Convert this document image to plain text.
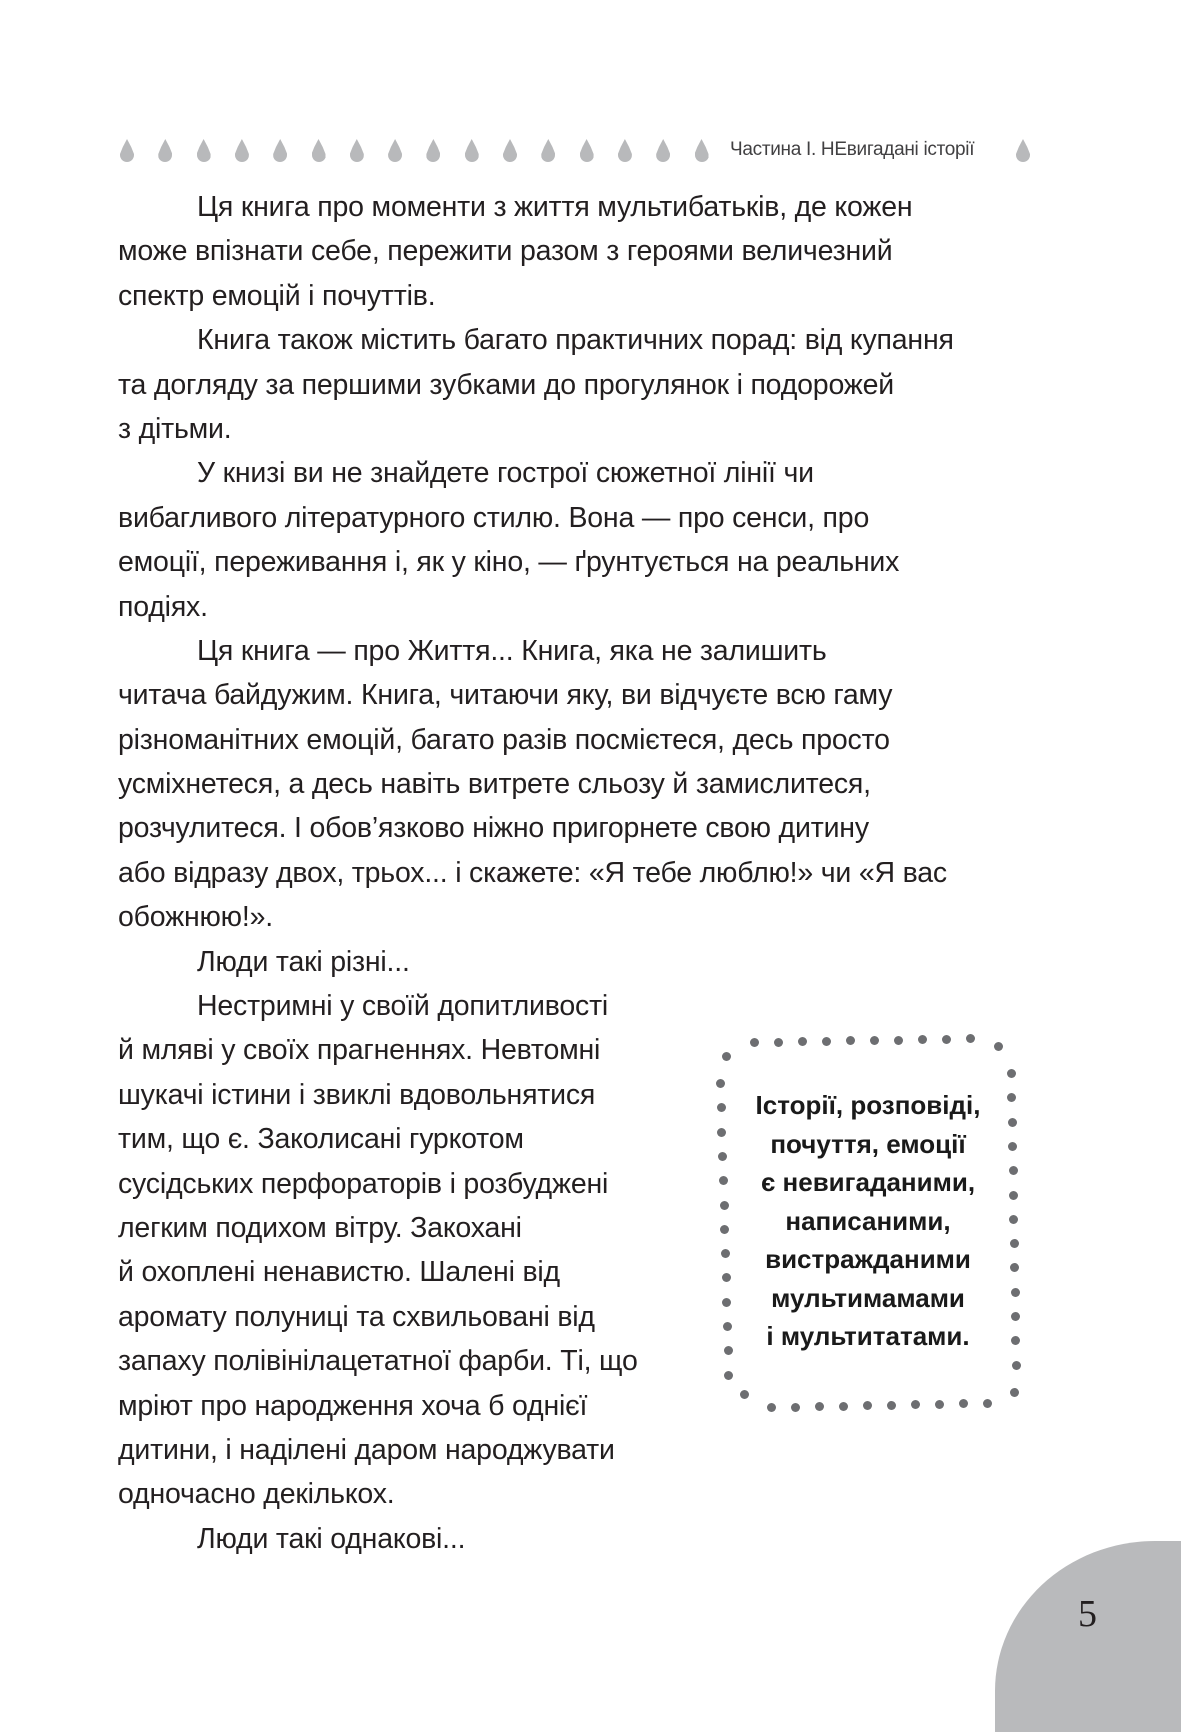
Частина І. НЕвигадані історії
Ця книга про моменти з життя мультибатьків, де кожен
може впізнати себе, пережити разом з героями величезний
спектр емоцій і почуттів.
Книга також містить багато практичних порад: від купання
та догляду за першими зубками до прогулянок і подорожей
з дітьми.
У книзі ви не знайдете гострої сюжетної лінії чи
вибагливого літературного стилю. Вона — про сенси, про
емоції, переживання і, як у кіно, — ґрунтується на реальних
подіях.
Ця книга — про Життя... Книга, яка не залишить
читача байдужим. Книга, читаючи яку, ви відчуєте всю гаму
різноманітних емоцій, багато разів посмієтеся, десь просто
усміхнетеся, а десь навіть витрете сльозу й замислитеся,
розчулитеся. І обов’язково ніжно пригорнете свою дитину
або відразу двох, трьох... і скажете: «Я тебе люблю!» чи «Я вас
обожнюю!».
Люди такі різні...
Нестримні у своїй допитливості
й мляві у своїх прагненнях. Невтомні
шукачі істини і звиклі вдовольнятися
тим, що є. Заколисані гуркотом
сусідських перфораторів і розбуджені
легким подихом вітру. Закохані
й охоплені ненавистю. Шалені від
аромату полуниці та схвильовані від
запаху полівінілацетатної фарби. Ті, що
мріют про народження хоча б однієї
дитини, і наділені даром народжувати
одночасно декількох.
Люди такі однакові...
Історії, розповіді,
почуття, емоції
є невигаданими,
написаними,
вистражданими
мультимамами
і мультитатами.
5
